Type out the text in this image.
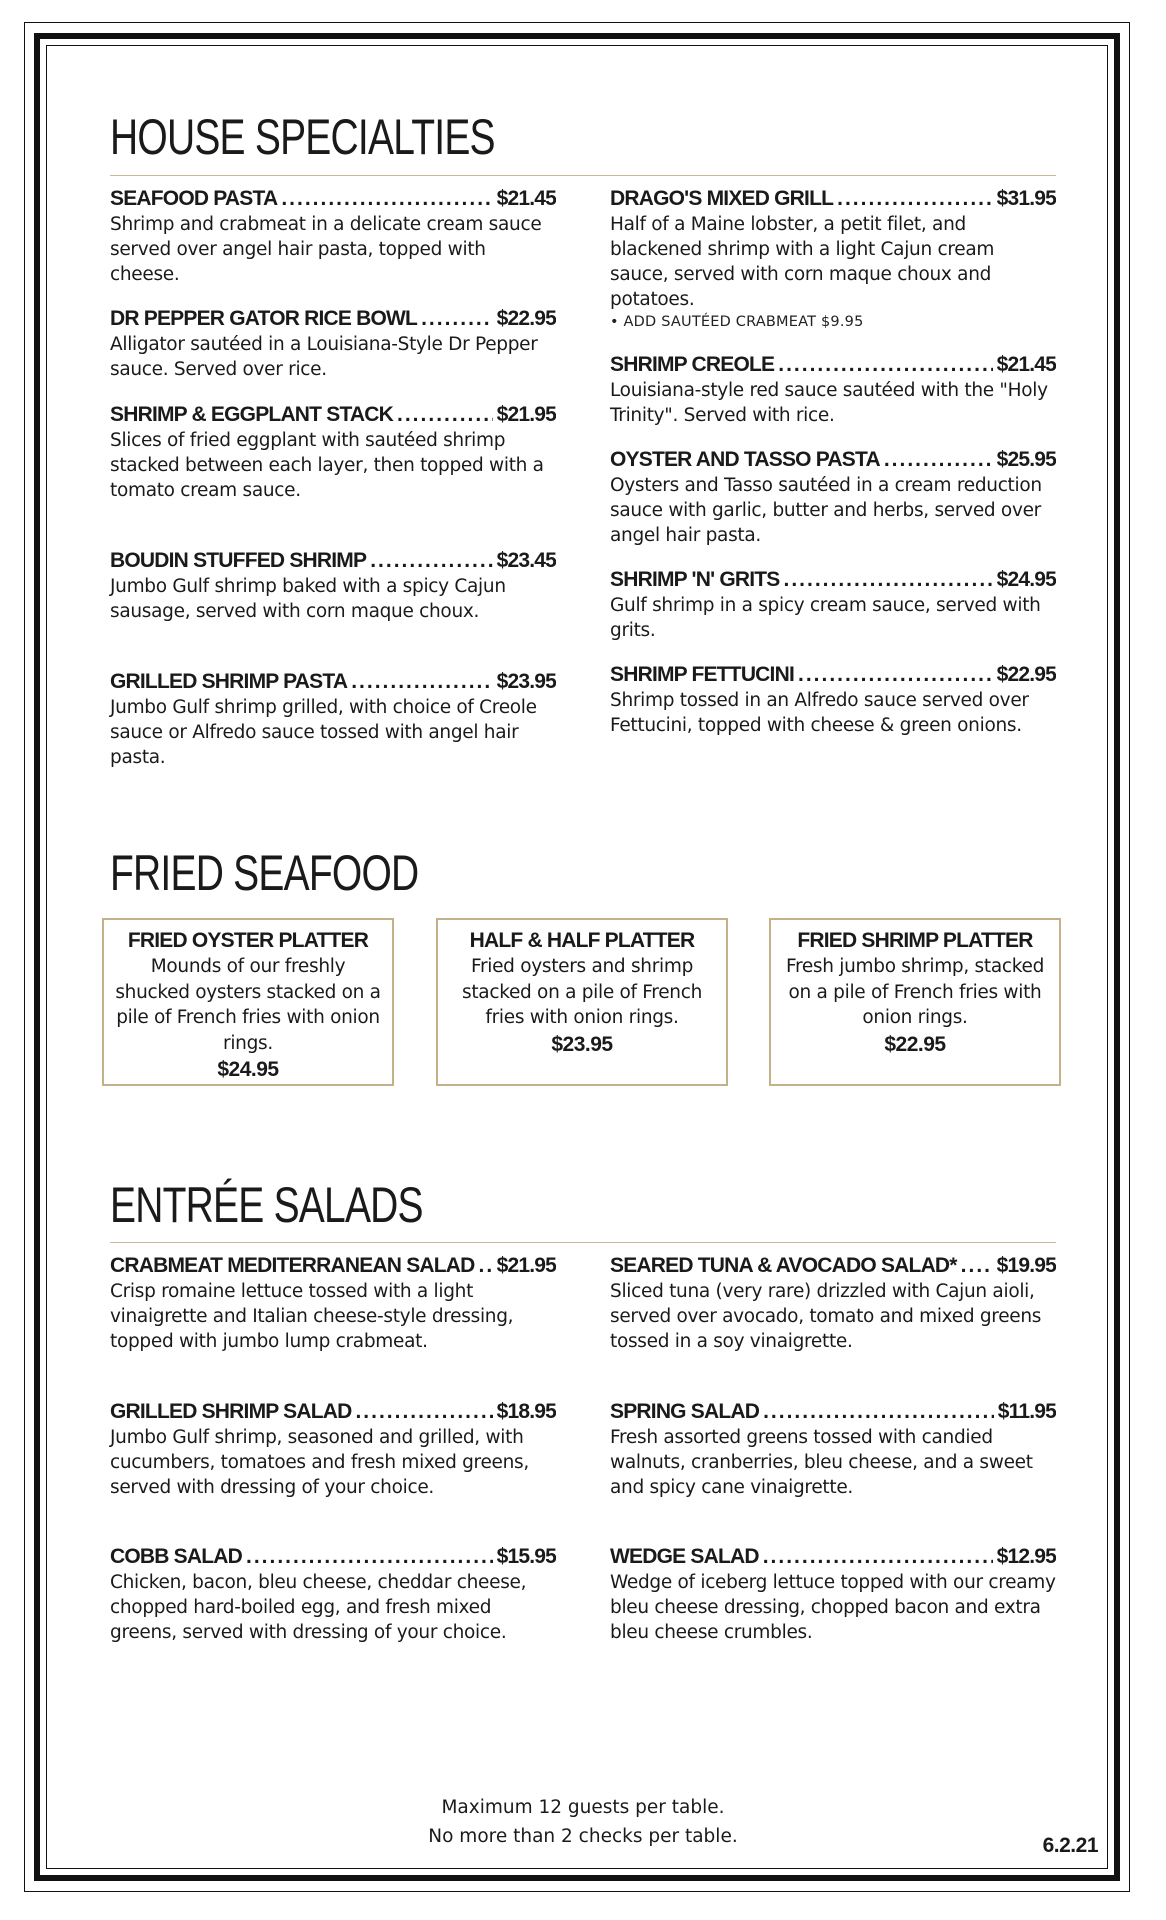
HOUSE SPECIALTIES
SEAFOOD PASTA .....	$21.45

Shrimp and crabmeat in a delicate cream sauce served over angel hair pasta, topped with cheese.

DR PEPPER GATOR RICE BOWL .....	$22.95

Alligator sautéed in a Louisiana-Style Dr Pepper sauce. Served over rice.

SHRIMP & EGGPLANT STACK .....	$21.95

Slices of fried eggplant with sautéed shrimp stacked between each layer, then topped with a tomato cream sauce.

BOUDIN STUFFED SHRIMP .....	$23.45

Jumbo Gulf shrimp baked with a spicy Cajun sausage, served with corn maque choux.

GRILLED SHRIMP PASTA .....	$23.95

Jumbo Gulf shrimp grilled, with choice of Creole sauce or Alfredo sauce tossed with angel hair pasta.

DRAGO'S MIXED GRILL .....	$31.95

Half of a Maine lobster, a petit filet, and blackened shrimp with a light Cajun cream sauce, served with corn maque choux and potatoes.

• ADD SAUTÉED CRABMEAT $9.95

SHRIMP CREOLE .....	$21.45

Louisiana-style red sauce sautéed with the "Holy Trinity". Served with rice.

OYSTER AND TASSO PASTA .....	$25.95

Oysters and Tasso sautéed in a cream reduction sauce with garlic, butter and herbs, served over angel hair pasta.

SHRIMP 'N' GRITS .....	$24.95

Gulf shrimp in a spicy cream sauce, served with grits.

SHRIMP FETTUCINI .....	$22.95

Shrimp tossed in an Alfredo sauce served over Fettucini, topped with cheese & green onions.

FRIED SEAFOOD
FRIED OYSTER PLATTER

Mounds of our freshly shucked oysters stacked on a pile of French fries with onion rings.

$24.95
HALF & HALF PLATTER

Fried oysters and shrimp stacked on a pile of French fries with onion rings.

$23.95
FRIED SHRIMP PLATTER

Fresh jumbo shrimp, stacked on a pile of French fries with onion rings.

$22.95
ENTRÉE SALADS
CRABMEAT MEDITERRANEAN SALAD ..... $21.95

Crisp romaine lettuce tossed with a light vinaigrette and Italian cheese-style dressing, topped with jumbo lump crabmeat.

GRILLED SHRIMP SALAD .....	$18.95

Jumbo Gulf shrimp, seasoned and grilled, with cucumbers, tomatoes and fresh mixed greens, served with dressing of your choice.

COBB SALAD .....	$15.95

Chicken, bacon, bleu cheese, cheddar cheese, chopped hard-boiled egg, and fresh mixed greens, served with dressing of your choice.

SEARED TUNA & AVOCADO SALAD* ..... $19.95

Sliced tuna (very rare) drizzled with Cajun aioli, served over avocado, tomato and mixed greens tossed in a soy vinaigrette.

SPRING SALAD .....	$11.95

Fresh assorted greens tossed with candied walnuts, cranberries, bleu cheese, and a sweet and spicy cane vinaigrette.

WEDGE SALAD .....	$12.95

Wedge of iceberg lettuce topped with our creamy bleu cheese dressing, chopped bacon and extra bleu cheese crumbles.

Maximum 12 guests per table.
No more than 2 checks per table.	6.2.21
